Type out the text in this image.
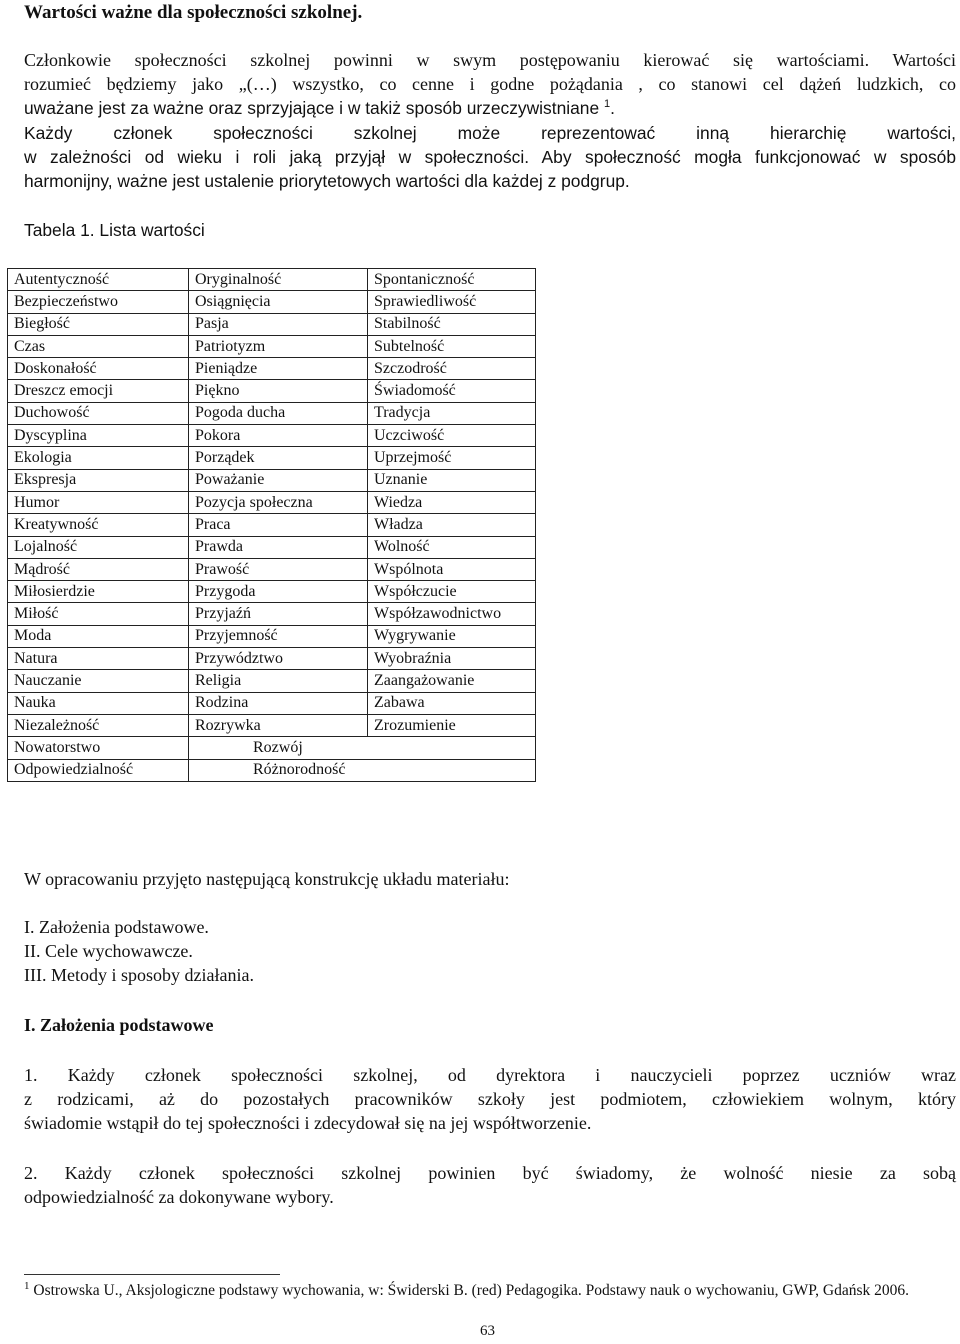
Wartości ważne dla społeczności szkolnej.
Członkowie społeczności szkolnej powinni w swym postępowaniu kierować się wartościami. Wartości
rozumieć będziemy jako „(…) wszystko, co cenne i godne pożądania , co stanowi cel dążeń ludzkich, co
uważane jest za ważne oraz sprzyjające i w takiż sposób urzeczywistniane $^1$.
Każdy członek społeczności szkolnej może reprezentować inną hierarchię wartości,
w zależności od wieku i roli jaką przyjął w społeczności. Aby społeczność mogła funkcjonować w sposób
harmonijny, ważne jest ustalenie priorytetowych wartości dla każdej z podgrup.
Tabela 1. Lista wartości
Autentyczność	Oryginalność	Spontaniczność
Bezpieczeństwo	Osiągnięcia	Sprawiedliwość
Biegłość	Pasja	Stabilność
Czas	Patriotyzm	Subtelność
Doskonałość	Pieniądze	Szczodrość
Dreszcz emocji	Piękno	Świadomość
Duchowość	Pogoda ducha	Tradycja
Dyscyplina	Pokora	Uczciwość
Ekologia	Porządek	Uprzejmość
Ekspresja	Poważanie	Uznanie
Humor	Pozycja społeczna	Wiedza
Kreatywność	Praca	Władza
Lojalność	Prawda	Wolność
Mądrość	Prawość	Wspólnota
Miłosierdzie	Przygoda	Współczucie
Miłość	Przyjaźń	Współzawodnictwo
Moda	Przyjemność	Wygrywanie
Natura	Przywództwo	Wyobraźnia
Nauczanie	Religia	Zaangażowanie
Nauka	Rodzina	Zabawa
Niezależność	Rozrywka	Zrozumienie
Nowatorstwo	Rozwój	
Odpowiedzialność	Różnorodność	
W opracowaniu przyjęto następującą konstrukcję układu materiału:
I. Założenia podstawowe.
II. Cele wychowawcze.
III. Metody i sposoby działania.
I. Założenia podstawowe
1. Każdy członek społeczności szkolnej, od dyrektora i nauczycieli poprzez uczniów wraz
z rodzicami, aż do pozostałych pracowników szkoły jest podmiotem, człowiekiem wolnym, który
świadomie wstąpił do tej społeczności i zdecydował się na jej współtworzenie.
2. Każdy członek społeczności szkolnej powinien być świadomy, że wolność niesie za sobą
odpowiedzialność za dokonywane wybory.
$^1$ Ostrowska U., Aksjologiczne podstawy wychowania, w: Świderski B. (red) Pedagogika. Podstawy nauk o wychowaniu, GWP, Gdańsk 2006.
63
